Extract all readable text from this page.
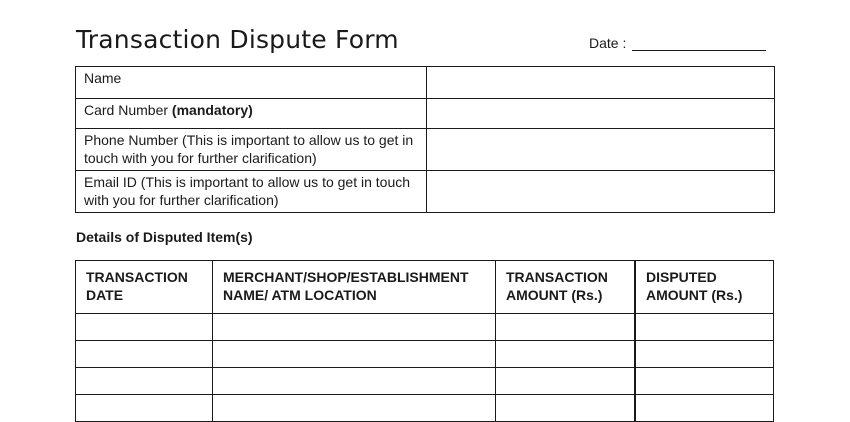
Transaction Dispute Form	Date :
Name	
Card Number (mandatory)	
Phone Number (This is important to allow us to get in touch with you for further clarification)	
Email ID (This is important to allow us to get in touch with you for further clarification)	
Details of Disputed Item(s)
TRANSACTION DATE	MERCHANT/SHOP/ESTABLISHMENT NAME/ ATM LOCATION	TRANSACTION AMOUNT (Rs.)	DISPUTED AMOUNT (Rs.)
